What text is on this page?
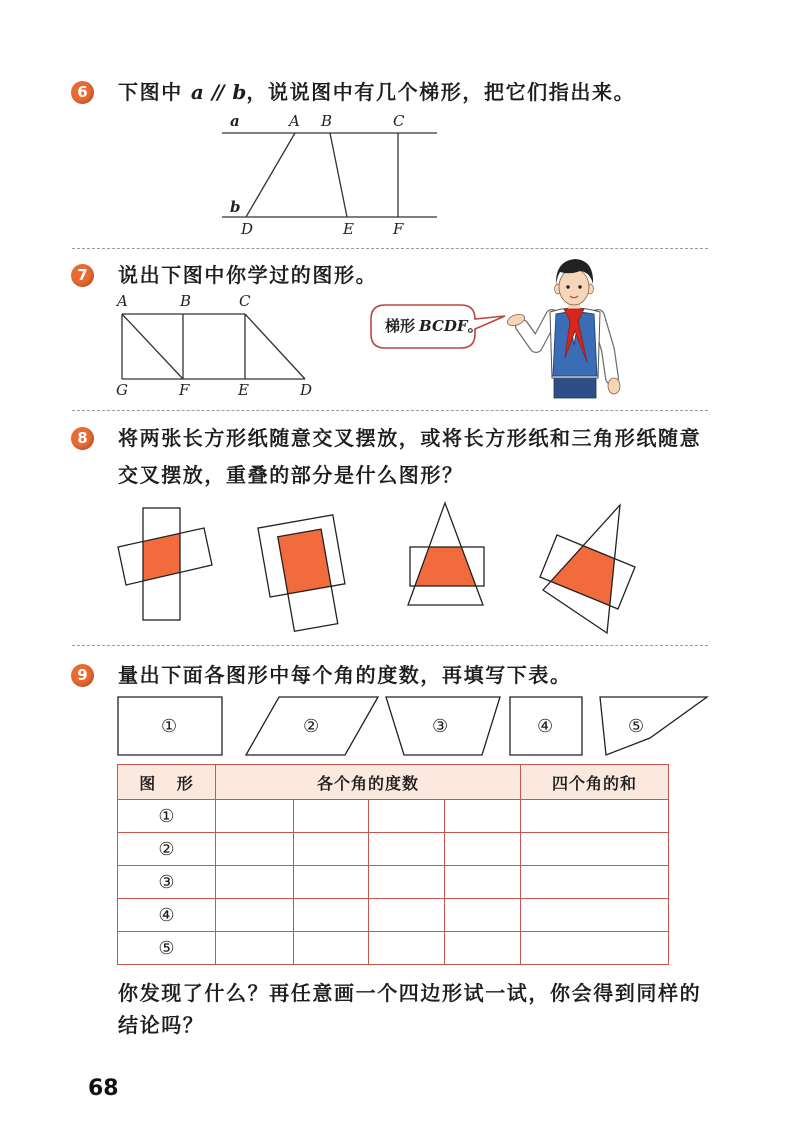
a	A B	C
b
D	E	F
A	B	C
G	F	E	D
①	②	③	④	⑤
6	下图中 a // b，说说图中有几个梯形，把它们指出来。
7	说出下图中你学过的图形。
梯形 BCDF。
8	将两张长方形纸随意交叉摆放，或将长方形纸和三角形纸随意
交叉摆放，重叠的部分是什么图形？
9	量出下面各图形中每个角的度数，再填写下表。
图 形	各个角的度数				四个角的和
①					
②					
③					
④					
⑤					
你发现了什么？再任意画一个四边形试一试，你会得到同样的
结论吗？
68
